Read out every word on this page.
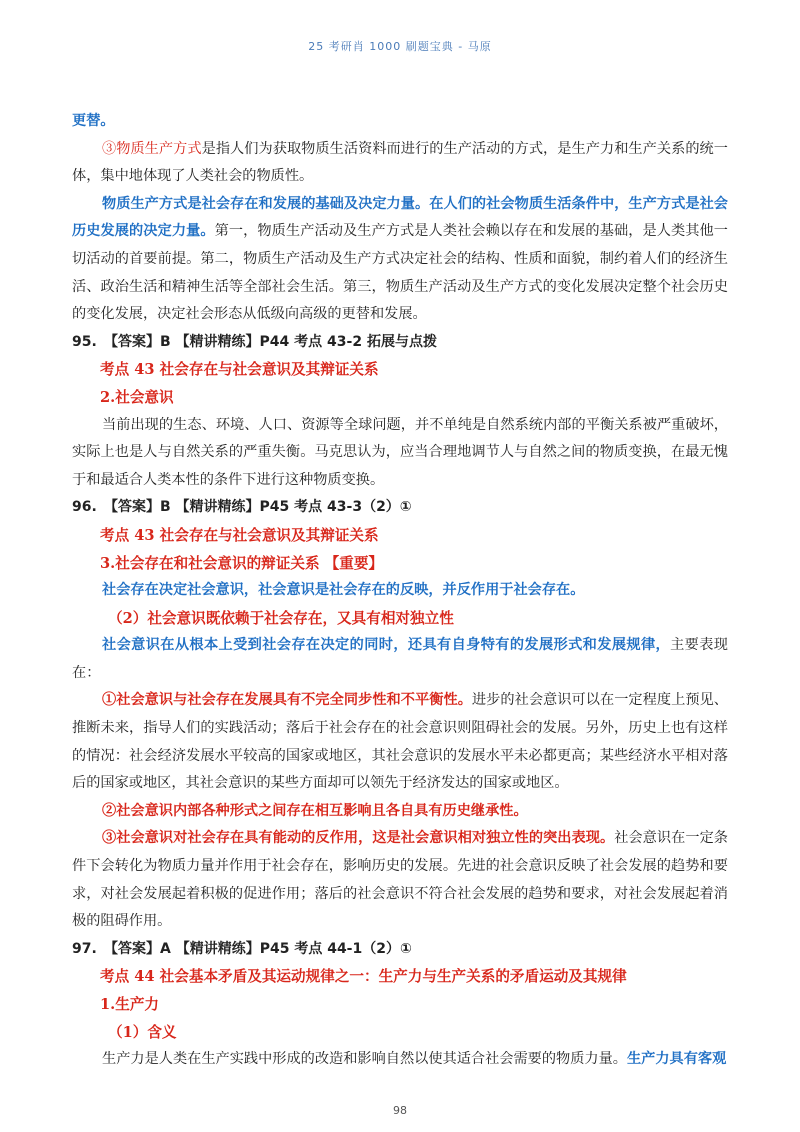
25 考研肖 1000 刷题宝典 - 马原

更替。

③物质生产方式是指人们为获取物质生活资料而进行的生产活动的方式，是生产力和生产关系的统一体，集中地体现了人类社会的物质性。

物质生产方式是社会存在和发展的基础及决定力量。在人们的社会物质生活条件中，生产方式是社会历史发展的决定力量。第一，物质生产活动及生产方式是人类社会赖以存在和发展的基础，是人类其他一切活动的首要前提。第二，物质生产活动及生产方式决定社会的结构、性质和面貌，制约着人们的经济生活、政治生活和精神生活等全部社会生活。第三，物质生产活动及生产方式的变化发展决定整个社会历史的变化发展，决定社会形态从低级向高级的更替和发展。

95. 【答案】B 【精讲精练】P44 考点 43-2 拓展与点拨

考点 43 社会存在与社会意识及其辩证关系

2.社会意识

当前出现的生态、环境、人口、资源等全球问题，并不单纯是自然系统内部的平衡关系被严重破坏，实际上也是人与自然关系的严重失衡。马克思认为，应当合理地调节人与自然之间的物质变换，在最无愧于和最适合人类本性的条件下进行这种物质变换。

96. 【答案】B 【精讲精练】P45 考点 43-3（2）①

考点 43 社会存在与社会意识及其辩证关系

3.社会存在和社会意识的辩证关系 【重要】

社会存在决定社会意识，社会意识是社会存在的反映，并反作用于社会存在。

（2）社会意识既依赖于社会存在，又具有相对独立性

社会意识在从根本上受到社会存在决定的同时，还具有自身特有的发展形式和发展规律，主要表现在：

①社会意识与社会存在发展具有不完全同步性和不平衡性。进步的社会意识可以在一定程度上预见、推断未来，指导人们的实践活动；落后于社会存在的社会意识则阻碍社会的发展。另外，历史上也有这样的情况：社会经济发展水平较高的国家或地区，其社会意识的发展水平未必都更高；某些经济水平相对落后的国家或地区，其社会意识的某些方面却可以领先于经济发达的国家或地区。

②社会意识内部各种形式之间存在相互影响且各自具有历史继承性。

③社会意识对社会存在具有能动的反作用，这是社会意识相对独立性的突出表现。社会意识在一定条件下会转化为物质力量并作用于社会存在，影响历史的发展。先进的社会意识反映了社会发展的趋势和要求，对社会发展起着积极的促进作用；落后的社会意识不符合社会发展的趋势和要求，对社会发展起着消极的阻碍作用。

97. 【答案】A 【精讲精练】P45 考点 44-1（2）①

考点 44 社会基本矛盾及其运动规律之一：生产力与生产关系的矛盾运动及其规律

1.生产力

（1）含义

生产力是人类在生产实践中形成的改造和影响自然以使其适合社会需要的物质力量。生产力具有客观

98
